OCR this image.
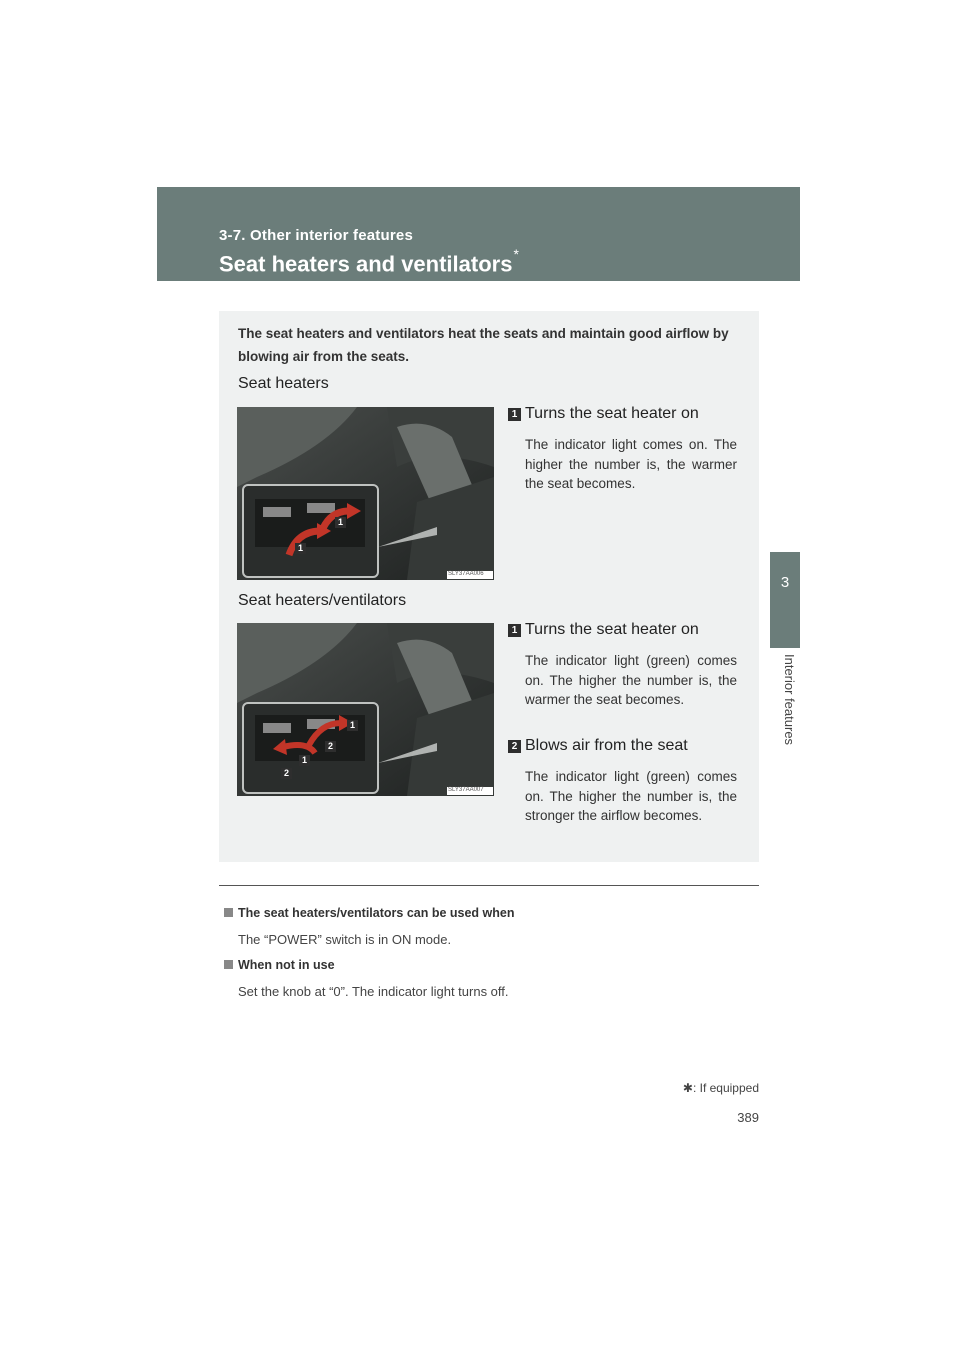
3-7. Other interior features
Seat heaters and ventilators*
3
Interior features
The seat heaters and ventilators heat the seats and maintain good airflow by blowing air from the seats.
Seat heaters
1
1
SLY37AA006
1 Turns the seat heater on
The indicator light comes on. The higher the number is, the warmer the seat becomes.
Seat heaters/ventilators
1
2
1
2
SLY37AA007
1 Turns the seat heater on
The indicator light (green) comes on. The higher the number is, the warmer the seat becomes.
2 Blows air from the seat
The indicator light (green) comes on. The higher the number is, the stronger the airflow becomes.
The seat heaters/ventilators can be used when
The “POWER” switch is in ON mode.
When not in use
Set the knob at “0”. The indicator light turns off.
✱: If equipped
389
